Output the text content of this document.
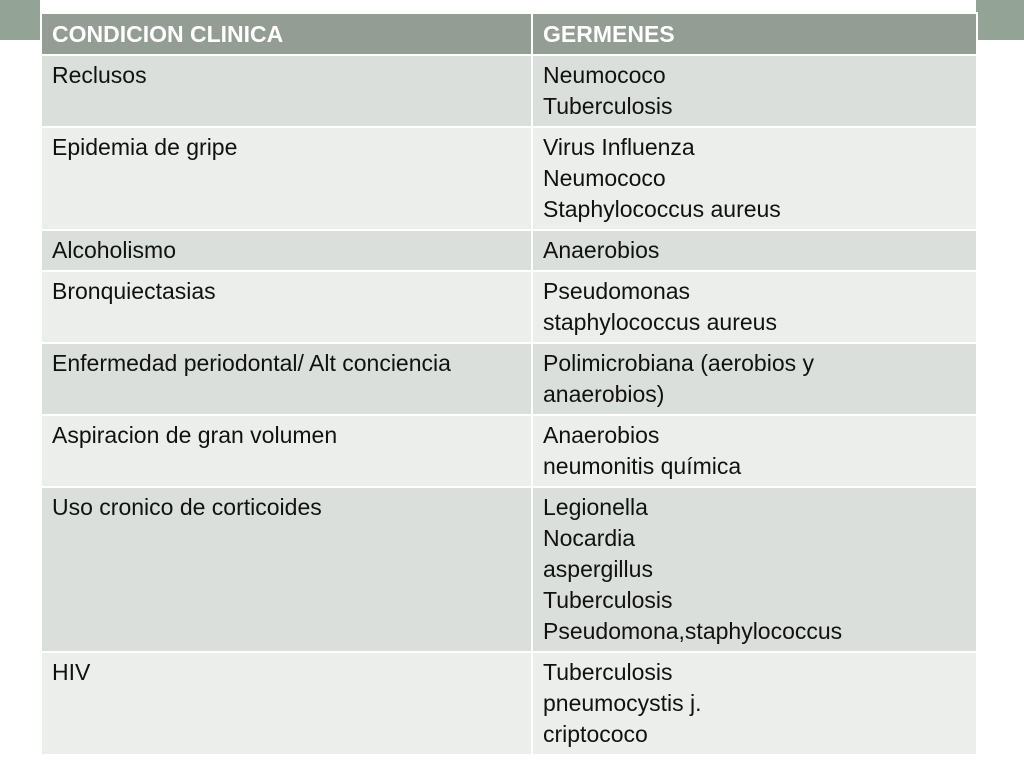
CONDICION CLINICA	GERMENES
Reclusos	Neumococo
Tuberculosis

Epidemia de gripe	Virus Influenza
Neumococo
Staphylococcus aureus

Alcoholismo	Anaerobios

Bronquiectasias	Pseudomonas
staphylococcus aureus

Enfermedad periodontal/ Alt conciencia	Polimicrobiana (aerobios y
anaerobios)

Aspiracion de gran volumen	Anaerobios
neumonitis química

Uso cronico de corticoides	Legionella
Nocardia
aspergillus
Tuberculosis
Pseudomona,staphylococcus

HIV	Tuberculosis
pneumocystis j.
criptococo
